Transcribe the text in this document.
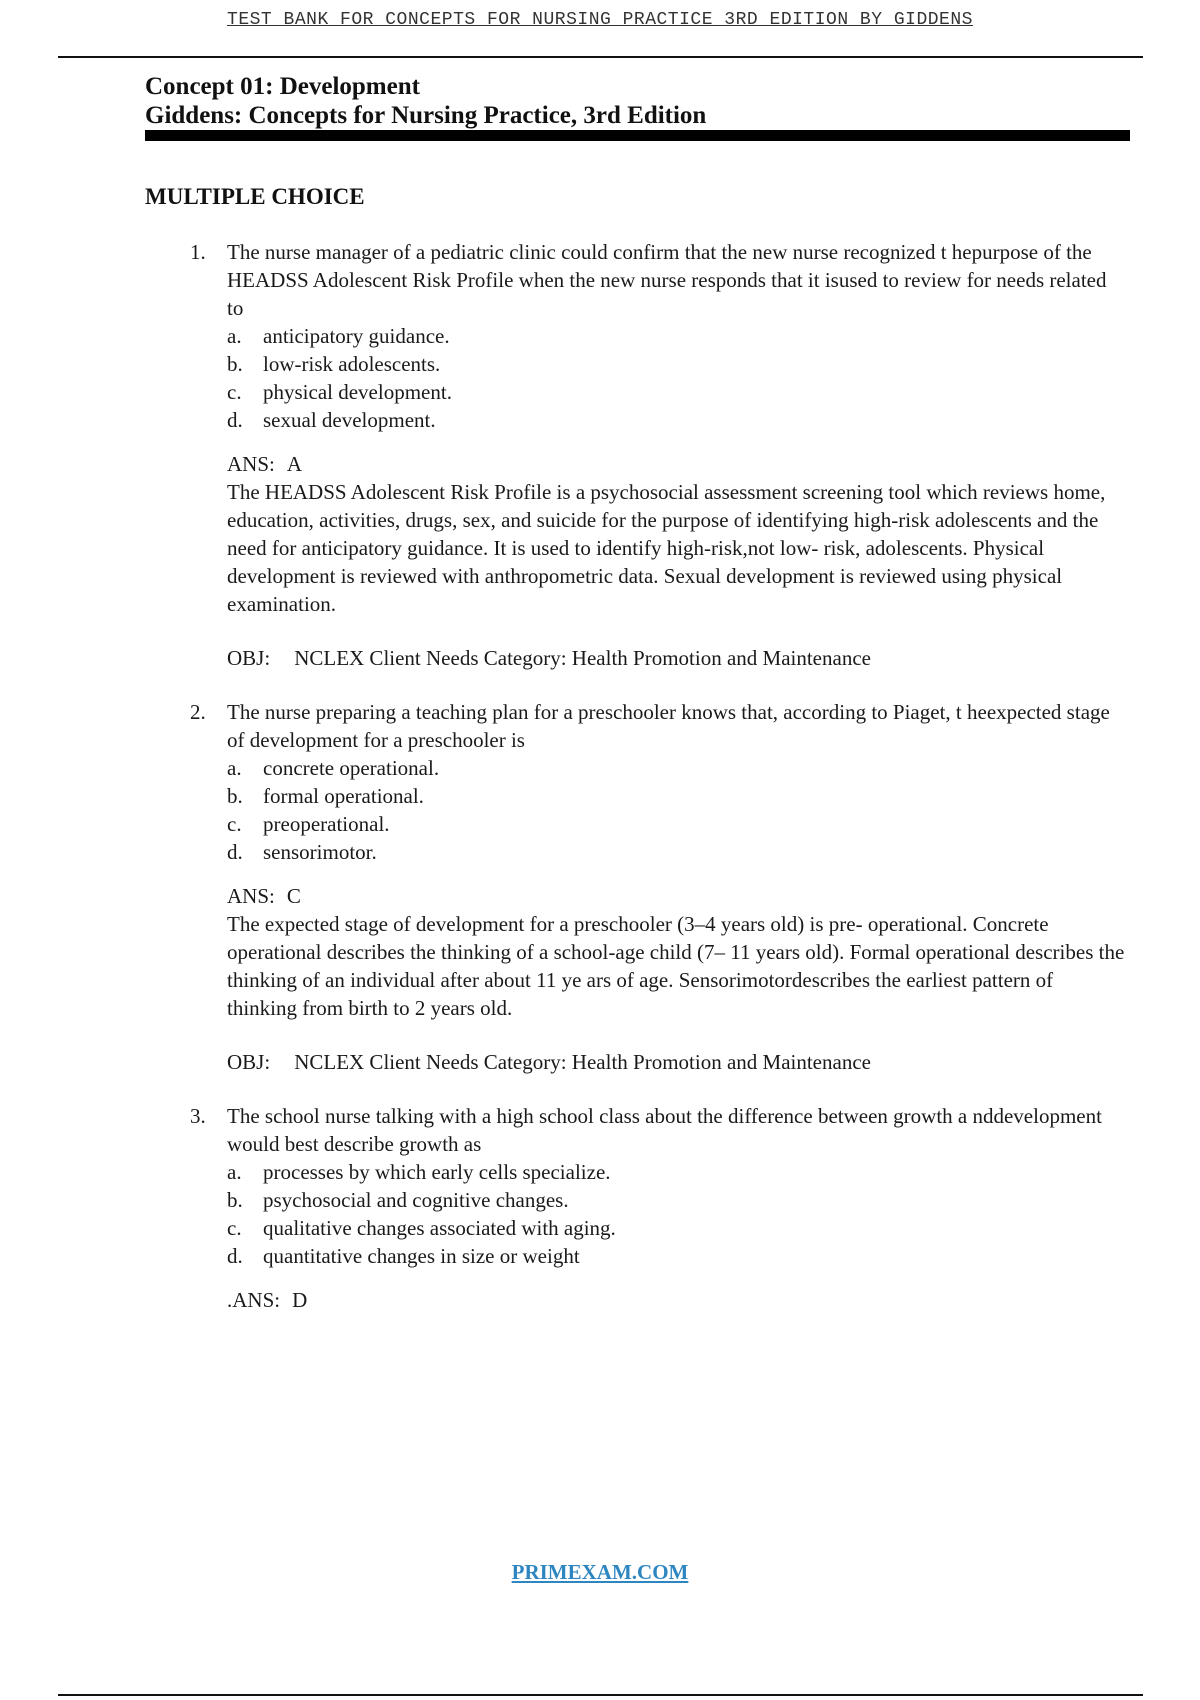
TEST BANK FOR CONCEPTS FOR NURSING PRACTICE 3RD EDITION BY GIDDENS
Concept 01: Development
Giddens: Concepts for Nursing Practice, 3rd Edition
MULTIPLE CHOICE
1. The nurse manager of a pediatric clinic could confirm that the new nurse recognized t hepurpose of the HEADSS Adolescent Risk Profile when the new nurse responds that it isused to review for needs related to

a.	anticipatory guidance.
b. low-risk adolescents.
c.	physical development.
d. sexual development.
ANS: A

The HEADSS Adolescent Risk Profile is a psychosocial assessment screening tool which reviews home, education, activities, drugs, sex, and suicide for the purpose of identifying high-risk adolescents and the need for anticipatory guidance. It is used to identify high-risk,not low- risk, adolescents. Physical development is reviewed with anthropometric data. Sexual development is reviewed using physical examination.

OBJ: NCLEX Client Needs Category: Health Promotion and Maintenance
2. The nurse preparing a teaching plan for a preschooler knows that, according to Piaget, t heexpected stage of development for a preschooler is

a.	concrete operational.
b. formal operational.
c.	preoperational.
d. sensorimotor.
ANS: C

The expected stage of development for a preschooler (3–4 years old) is pre- operational. Concrete operational describes the thinking of a school-age child (7– 11 years old). Formal operational describes the thinking of an individual after about 11 ye ars of age. Sensorimotordescribes the earliest pattern of thinking from birth to 2 years old.

OBJ: NCLEX Client Needs Category: Health Promotion and Maintenance
3. The school nurse talking with a high school class about the difference between growth a nddevelopment would best describe growth as

a.	processes by which early cells specialize.
b. psychosocial and cognitive changes.
c.	qualitative changes associated with aging.
d. quantitative changes in size or weight
.ANS: D
PRIMEXAM.COM
